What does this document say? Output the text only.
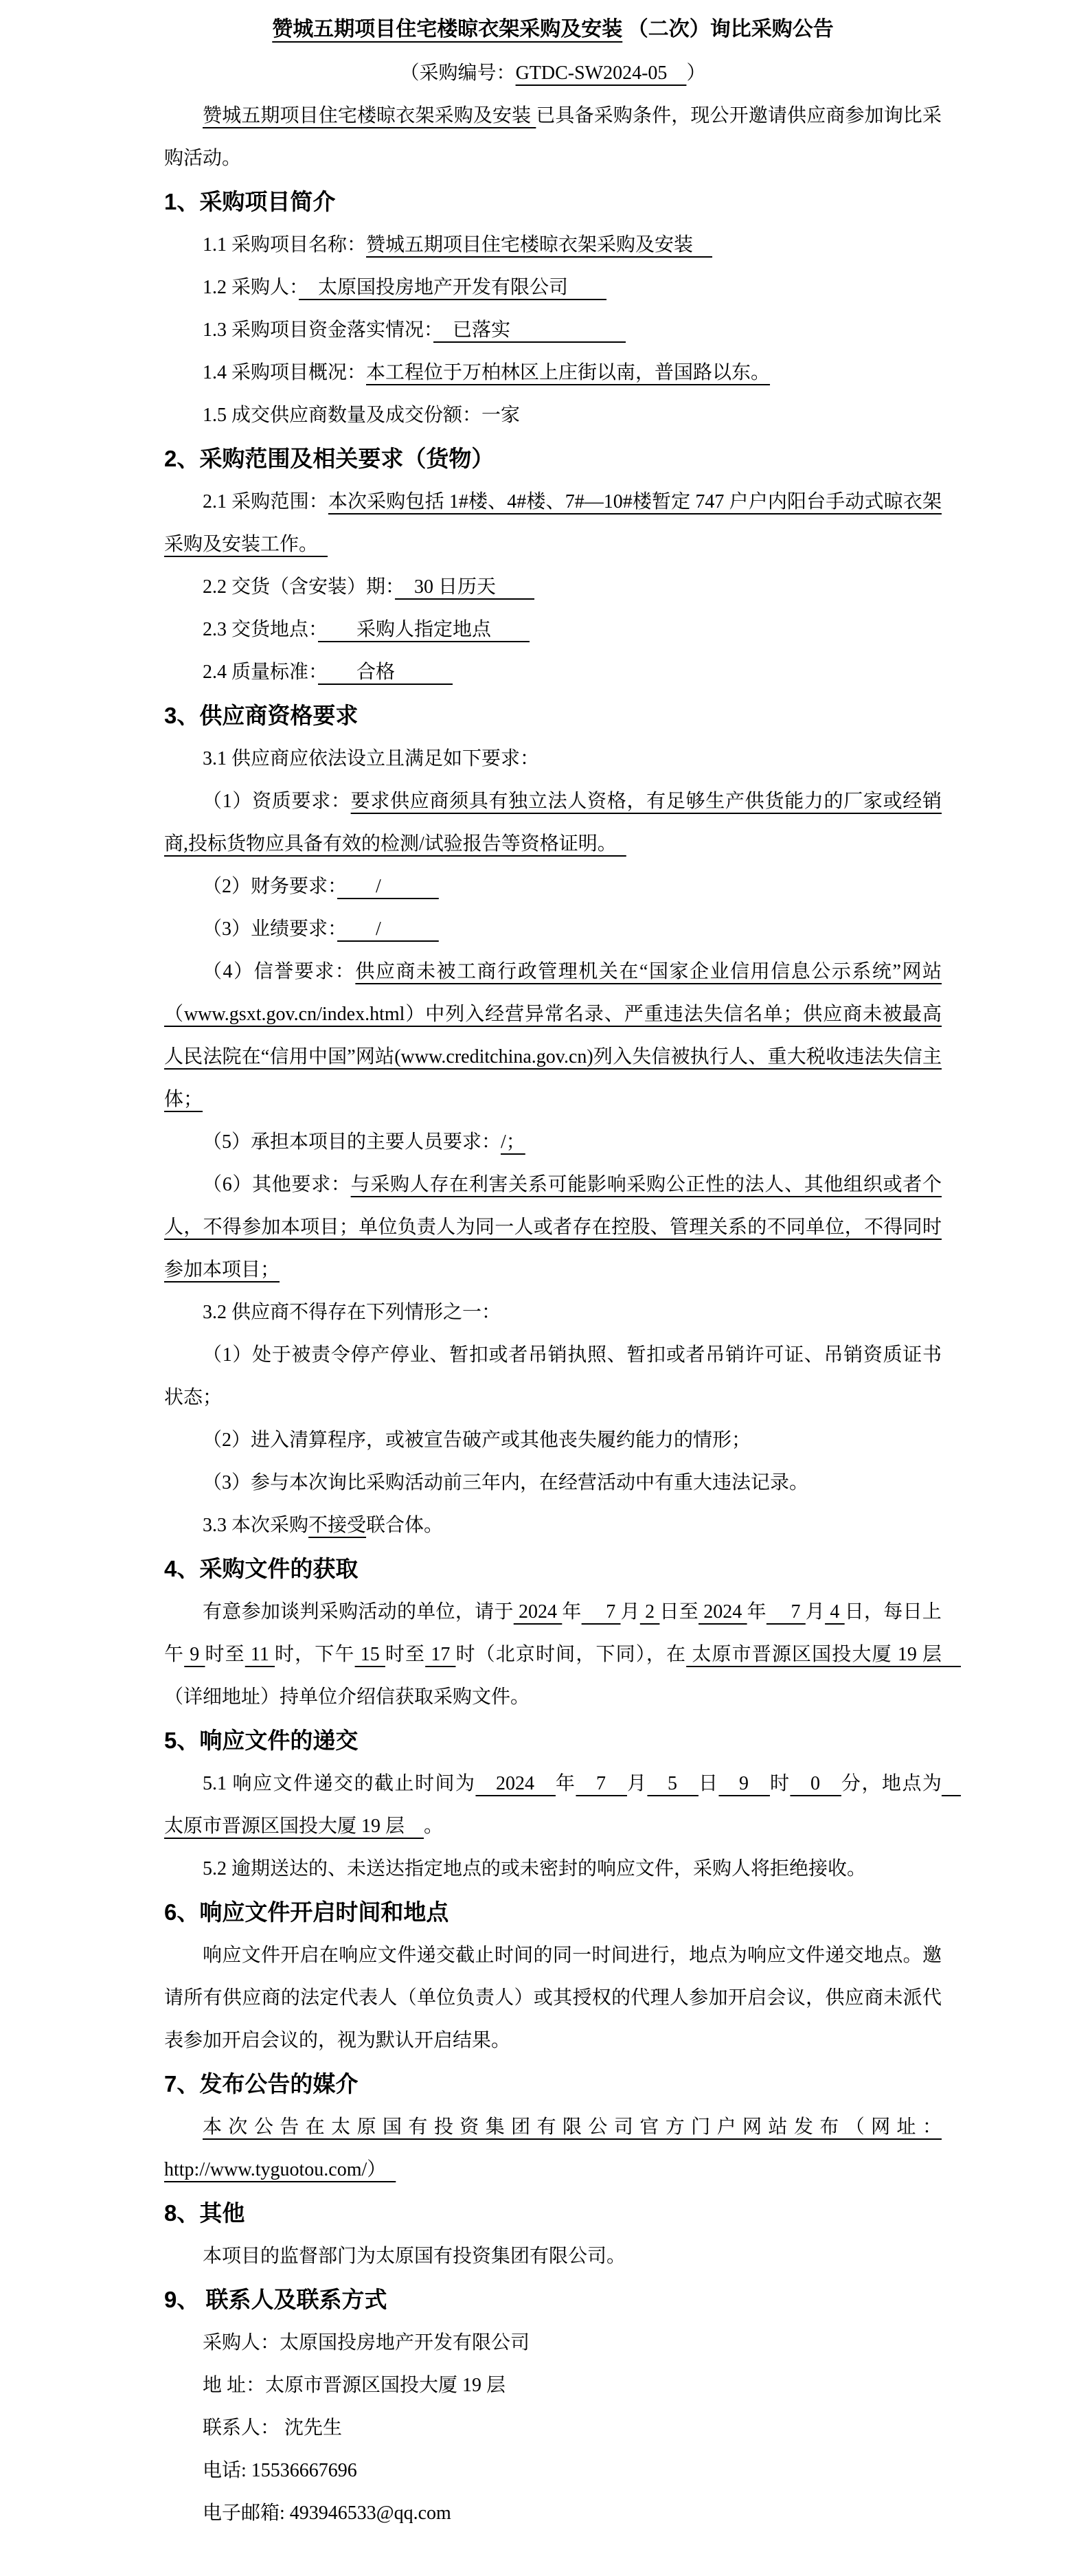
赞城五期项目住宅楼晾衣架采购及安装 （二次）询比采购公告

（采购编号：GTDC-SW2024-05　）

赞城五期项目住宅楼晾衣架采购及安装 已具备采购条件，现公开邀请供应商参加询比采购活动。

1、采购项目简介

1.1 采购项目名称：赞城五期项目住宅楼晾衣架采购及安装　

1.2 采购人：　太原国投房地产开发有限公司　　

1.3 采购项目资金落实情况：　已落实　　　　　　

1.4 采购项目概况：本工程位于万柏林区上庄街以南，普国路以东。

1.5 成交供应商数量及成交份额：一家

2、采购范围及相关要求（货物）

2.1 采购范围：本次采购包括 1#楼、4#楼、7#—10#楼暂定 747 户户内阳台手动式晾衣架采购及安装工作。　

2.2 交货（含安装）期：　30 日历天　　

2.3 交货地点：　　采购人指定地点　　

2.4 质量标准：　　合格　　　

3、供应商资格要求

3.1 供应商应依法设立且满足如下要求：

（1）资质要求：要求供应商须具有独立法人资格，有足够生产供货能力的厂家或经销商,投标货物应具备有效的检测/试验报告等资格证明。　

（2）财务要求：　　/　　　

（3）业绩要求：　　/　　　

（4）信誉要求：供应商未被工商行政管理机关在“国家企业信用信息公示系统”网站（www.gsxt.gov.cn/index.html）中列入经营异常名录、严重违法失信名单；供应商未被最高人民法院在“信用中国”网站(www.creditchina.gov.cn)列入失信被执行人、重大税收违法失信主体；

（5）承担本项目的主要人员要求：/；

（6）其他要求：与采购人存在利害关系可能影响采购公正性的法人、其他组织或者个人，不得参加本项目；单位负责人为同一人或者存在控股、管理关系的不同单位，不得同时参加本项目；

3.2 供应商不得存在下列情形之一：

（1）处于被责令停产停业、暂扣或者吊销执照、暂扣或者吊销许可证、吊销资质证书状态；

（2）进入清算程序，或被宣告破产或其他丧失履约能力的情形；

（3）参与本次询比采购活动前三年内，在经营活动中有重大违法记录。

3.3 本次采购不接受联合体。

4、采购文件的获取

有意参加谈判采购活动的单位，请于 2024 年　 7 月 2 日至 2024 年　 7 月 4 日，每日上午 9 时至 11 时，下午 15 时至 17 时（北京时间，下同），在 太原市晋源区国投大厦 19 层　（详细地址）持单位介绍信获取采购文件。

5、响应文件的递交

5.1 响应文件递交的截止时间为　2024　年　7　月　5　日　9　时　0　分，地点为　太原市晋源区国投大厦 19 层　。

5.2 逾期送达的、未送达指定地点的或未密封的响应文件，采购人将拒绝接收。

6、响应文件开启时间和地点

响应文件开启在响应文件递交截止时间的同一时间进行，地点为响应文件递交地点。邀请所有供应商的法定代表人（单位负责人）或其授权的代理人参加开启会议，供应商未派代表参加开启会议的，视为默认开启结果。

7、发布公告的媒介

本次公告在太原国有投资集团有限公司官方门户网站发布（网址：http://www.tyguotou.com/）　

8、其他

本项目的监督部门为太原国有投资集团有限公司。

9、 联系人及联系方式

采购人：太原国投房地产开发有限公司

地 址：太原市晋源区国投大厦 19 层

联系人： 沈先生

电话: 15536667696

电子邮箱: 493946533@qq.com
